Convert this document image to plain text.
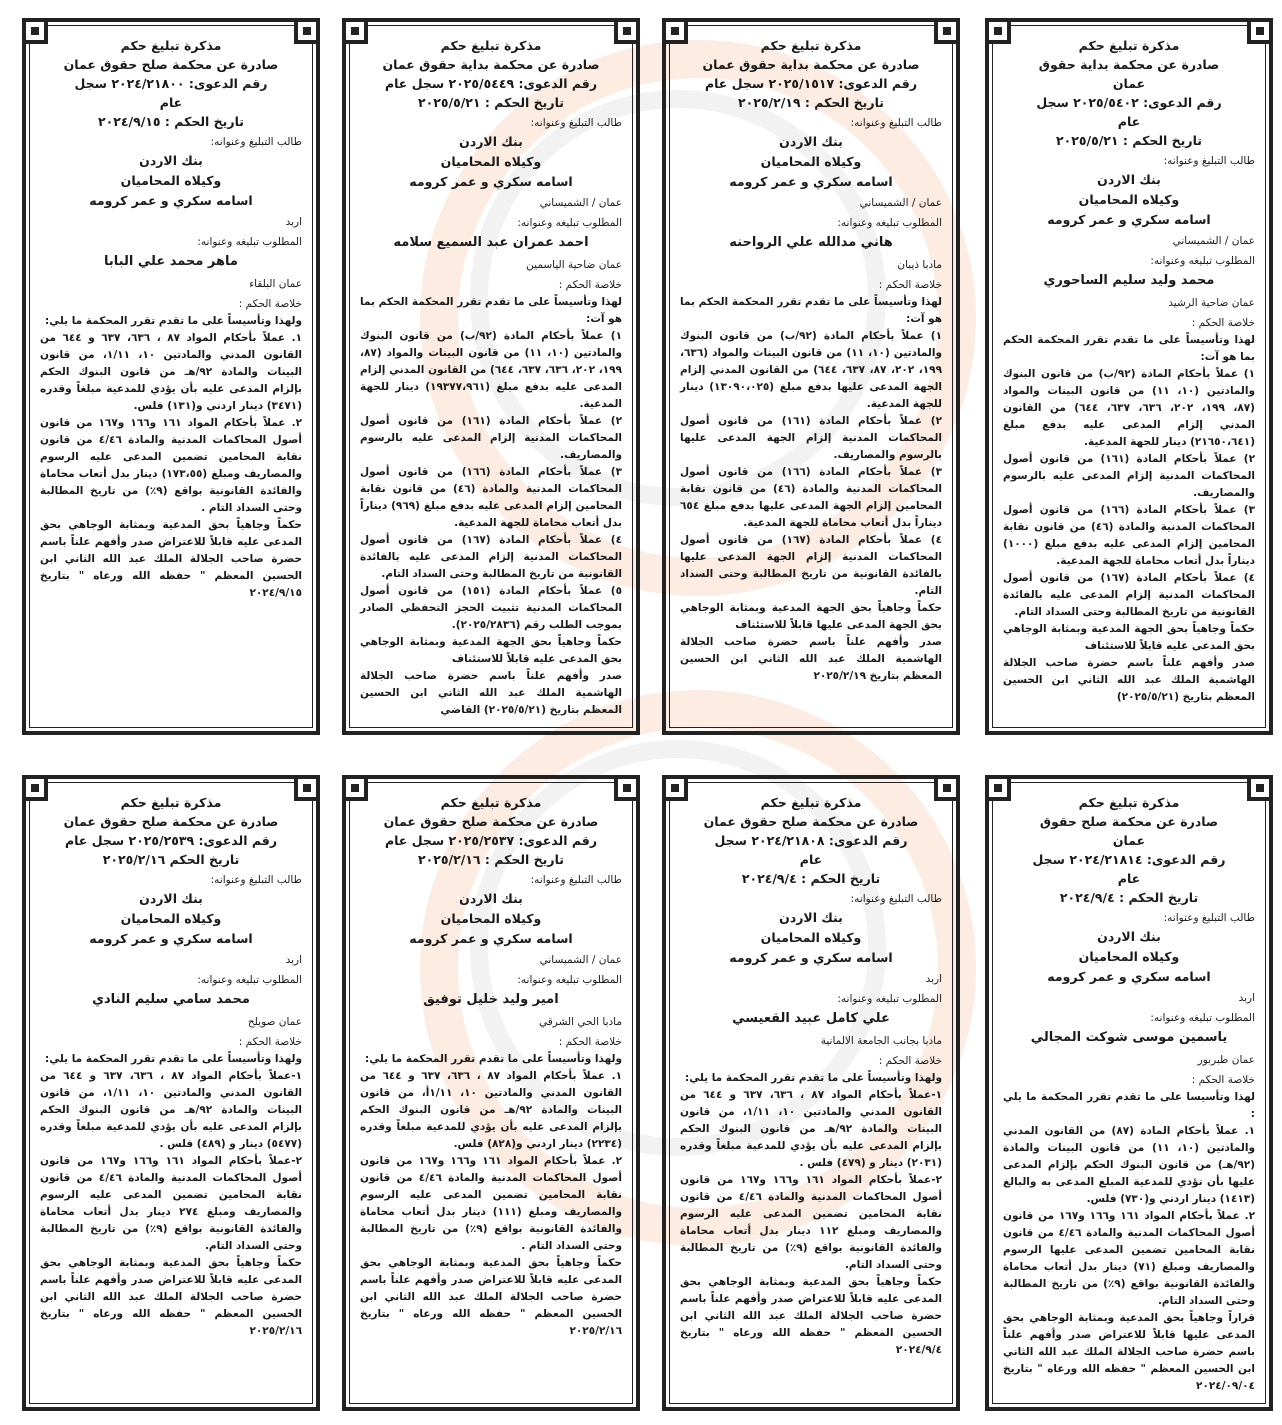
مذكرة تبليغ حكم
صادرة عن محكمة بداية حقوق عمان
رقم الدعوى: ٢٠٢٥/٥٤٠٢ سجل عام
تاريخ الحكم : ٢٠٢٥/٥/٢١
طالب التبليغ وعنوانه:
بنك الاردن
وكيلاه المحاميان
اسامه سكري و عمر كرومه
عمان / الشميساني
المطلوب تبليغه وعنوانه:
محمد وليد سليم الساحوري
عمان ضاحية الرشيد
خلاصة الحكم :
لهذا وتأسيساً على ما تقدم تقرر المحكمة الحكم بما هو آت:
١) عملاً بأحكام المادة (٩٢/ب) من قانون البنوك والمادتين (١٠، ١١) من قانون البينات والمواد (٨٧، ١٩٩، ٢٠٢، ٦٣٦، ٦٣٧، ٦٤٤) من القانون المدني إلزام المدعى عليه بدفع مبلغ (٢١٦٥٠،٦٤١) دينار للجهة المدعية.
٢) عملاً بأحكام المادة (١٦١) من قانون أصول المحاكمات المدنية إلزام المدعى عليه بالرسوم والمصاريف.
٣) عملاً بأحكام المادة (١٦٦) من قانون أصول المحاكمات المدنية والمادة (٤٦) من قانون نقابة المحامين إلزام المدعى عليه بدفع مبلغ (١٠٠٠) ديناراً بدل أتعاب محاماة للجهة المدعية.
٤) عملاً بأحكام المادة (١٦٧) من قانون أصول المحاكمات المدنية إلزام المدعى عليه بالفائدة القانونية من تاريخ المطالبة وحتى السداد التام.
حكماً وجاهياً بحق الجهة المدعية وبمثابة الوجاهي بحق المدعى عليه قابلاً للاستئناف
صدر وأفهم علناً باسم حضرة صاحب الجلالة الهاشمية الملك عبد الله الثاني ابن الحسين المعظم بتاريخ (٢٠٢٥/٥/٢١)
مذكرة تبليغ حكم
صادرة عن محكمة بداية حقوق عمان
رقم الدعوى: ٢٠٢٥/١٥١٧ سجل عام
تاريخ الحكم : ٢٠٢٥/٢/١٩
طالب التبليغ وعنوانه:
بنك الاردن
وكيلاه المحاميان
اسامه سكري و عمر كرومه
عمان / الشميساني
المطلوب تبليغه وعنوانه:
هاني مدالله علي الرواحنه
مادبا ذيبان
خلاصة الحكم :
لهذا وتأسيساً على ما تقدم تقرر المحكمة الحكم بما هو آت:
١) عملاً بأحكام المادة (٩٢/ب) من قانون البنوك والمادتين (١٠، ١١) من قانون البينات والمواد (٦٣٦، ١٩٩، ٢٠٢، ٨٧، ٦٣٧، ٦٤٤) من القانون المدني إلزام الجهة المدعى عليها بدفع مبلغ (١٣٠٩٠،٠٢٥) دينار للجهة المدعية.
٢) عملاً بأحكام المادة (١٦١) من قانون أصول المحاكمات المدنية إلزام الجهة المدعى عليها بالرسوم والمصاريف.
٣) عملاً بأحكام المادة (١٦٦) من قانون أصول المحاكمات المدنية والمادة (٤٦) من قانون نقابة المحامين إلزام الجهة المدعى عليها بدفع مبلغ ٦٥٤ ديناراً بدل أتعاب محاماة للجهة المدعية.
٤) عملاً بأحكام المادة (١٦٧) من قانون أصول المحاكمات المدنية إلزام الجهة المدعى عليها بالفائدة القانونية من تاريخ المطالبة وحتى السداد التام.
حكماً وجاهياً بحق الجهة المدعية وبمثابة الوجاهي بحق الجهة المدعى عليها قابلاً للاستئناف
صدر وأفهم علناً باسم حضرة صاحب الجلالة الهاشمية الملك عبد الله الثاني ابن الحسين المعظم بتاريخ ٢٠٢٥/٢/١٩
مذكرة تبليغ حكم
صادرة عن محكمة بداية حقوق عمان
رقم الدعوى: ٢٠٢٥/٥٤٤٩ سجل عام
تاريخ الحكم : ٢٠٢٥/٥/٢١
طالب التبليغ وعنوانه:
بنك الاردن
وكيلاه المحاميان
اسامه سكري و عمر كرومه
عمان / الشميساني
المطلوب تبليغه وعنوانه:
احمد عمران عبد السميع سلامه
عمان ضاحية الياسمين
خلاصة الحكم :
لهذا وتأسيساً على ما تقدم تقرر المحكمة الحكم بما هو آت:
١) عملاً بأحكام المادة (٩٢/ب) من قانون البنوك والمادتين (١٠، ١١) من قانون البينات والمواد (٨٧، ١٩٩، ٢٠٢، ٦٣٦، ٦٣٧، ٦٤٤) من القانون المدني إلزام المدعى عليه بدفع مبلغ (١٩٣٧٧،٩٦١) دينار للجهة المدعية.
٢) عملاً بأحكام المادة (١٦١) من قانون أصول المحاكمات المدنية إلزام المدعى عليه بالرسوم والمصاريف.
٣) عملاً بأحكام المادة (١٦٦) من قانون أصول المحاكمات المدنية والمادة (٤٦) من قانون نقابة المحامين إلزام المدعى عليه بدفع مبلغ (٩٦٩) ديناراً بدل أتعاب محاماة للجهة المدعية.
٤) عملاً بأحكام المادة (١٦٧) من قانون أصول المحاكمات المدنية إلزام المدعى عليه بالفائدة القانونية من تاريخ المطالبة وحتى السداد التام.
٥) عملاً بأحكام المادة (١٥١) من قانون أصول المحاكمات المدنية تثبيت الحجز التحفظي الصادر بموجب الطلب رقم (٢٠٢٥/٢٨٣٦).
حكماً وجاهياً بحق الجهة المدعية وبمثابة الوجاهي بحق المدعى عليه قابلاً للاستئناف
صدر وأفهم علناً باسم حضرة صاحب الجلالة الهاشمية الملك عبد الله الثاني ابن الحسين المعظم بتاريخ (٢٠٢٥/٥/٢١) القاضي
مذكرة تبليغ حكم
صادرة عن محكمة صلح حقوق عمان
رقم الدعوى: ٢٠٢٤/٢١٨٠٠ سجل عام
تاريخ الحكم : ٢٠٢٤/٩/١٥
طالب التبليغ وعنوانه:
بنك الاردن
وكيلاه المحاميان
اسامه سكري و عمر كرومه
اربد
المطلوب تبليغه وعنوانه:
ماهر محمد علي البابا
عمان البلقاء
خلاصة الحكم :
ولهذا وتأسيساً على ما تقدم تقرر المحكمة ما يلي:
١. عملاً بأحكام المواد ٨٧ ، ٦٣٦، ٦٣٧ و ٦٤٤ من القانون المدني والمادتين ١٠، ١/١١، من قانون البينات والمادة ٩٢/هـ من قانون البنوك الحكم بإلزام المدعى عليه بأن يؤدي للمدعية مبلغاً وقدره (٣٤٧١) دينار اردني و(١٣١) فلس.
٢. عملاً بأحكام المواد ١٦١ و١٦٦ و١٦٧ من قانون أصول المحاكمات المدنية والمادة ٤/٤٦ من قانون نقابة المحامين تضمين المدعى عليه الرسوم والمصاريف ومبلغ (١٧٣،٥٥) دينار بدل أتعاب محاماة والفائدة القانونية بواقع (٩٪) من تاريخ المطالبة وحتى السداد التام .
حكماً وجاهياً بحق المدعية وبمثابة الوجاهي بحق المدعى عليه قابلاً للاعتراض صدر وأفهم علناً باسم حضرة صاحب الجلالة الملك عبد الله الثاني ابن الحسين المعظم " حفظه الله ورعاه " بتاريخ ٢٠٢٤/٩/١٥
مذكرة تبليغ حكم
صادرة عن محكمة صلح حقوق عمان
رقم الدعوى: ٢٠٢٤/٢١٨١٤ سجل عام
تاريخ الحكم : ٢٠٢٤/٩/٤
طالب التبليغ وعنوانه:
بنك الاردن
وكيلاه المحاميان
اسامه سكري و عمر كرومه
اربد
المطلوب تبليغه وعنوانه:
ياسمين موسى شوكت المجالي
عمان طبربور
خلاصة الحكم :
لهذا وتأسيسا على ما تقدم تقرر المحكمة ما يلي :
١. عملاً بأحكام المادة (٨٧) من القانون المدني والمادتين (١٠، ١١) من قانون البينات والمادة (٩٢/هـ) من قانون البنوك الحكم بإلزام المدعى عليها بأن تؤدي للمدعية المبلغ المدعى به والبالغ (١٤١٣) دينار اردني و(٧٣٠) فلس.
٢. عملاً بأحكام المواد ١٦١ و١٦٦ و١٦٧ من قانون أصول المحاكمات المدنية والمادة ٤/٤٦ من قانون نقابة المحامين تضمين المدعى عليها الرسوم والمصاريف ومبلغ (٧١) دينار بدل أتعاب محاماة والفائدة القانونية بواقع (٩٪) من تاريخ المطالبة وحتى السداد التام.
قراراً وجاهياً بحق المدعية وبمثابة الوجاهي بحق المدعى عليها قابلاً للاعتراض صدر وأفهم علناً باسم حضرة صاحب الجلالة الملك عبد الله الثاني ابن الحسين المعظم " حفظه الله ورعاه " بتاريخ ٢٠٢٤/٠٩/٠٤
مذكرة تبليغ حكم
صادرة عن محكمة صلح حقوق عمان
رقم الدعوى: ٢٠٢٤/٢١٨٠٨ سجل عام
تاريخ الحكم : ٢٠٢٤/٩/٤
طالب التبليغ وعنوانه:
بنك الاردن
وكيلاه المحاميان
اسامه سكري و عمر كرومه
اربد
المطلوب تبليغه وعنوانه:
علي كامل عبيد القعيسي
مادبا بجانب الجامعة الالمانية
خلاصة الحكم :
ولهذا وتأسيساً على ما تقدم تقرر المحكمة ما يلي:
١-عملاً بأحكام المواد ٨٧ ، ٦٣٦، ٦٣٧ و ٦٤٤ من القانون المدني والمادتين ١٠، ١/١١، من قانون البينات والمادة ٩٢/هـ من قانون البنوك الحكم بإلزام المدعى عليه بأن يؤدي للمدعية مبلغاً وقدره (٢٠٣١) دينار و (٤٧٩) فلس .
٢-عملاً بأحكام المواد ١٦١ و١٦٦ و١٦٧ من قانون أصول المحاكمات المدنية والمادة ٤/٤٦ من قانون نقابة المحامين تضمين المدعى عليه الرسوم والمصاريف ومبلغ ١١٢ دينار بدل أتعاب محاماة والفائدة القانونية بواقع (٩٪) من تاريخ المطالبة وحتى السداد التام.
حكماً وجاهياً بحق المدعية وبمثابة الوجاهي بحق المدعى عليه قابلاً للاعتراض صدر وأفهم علناً باسم حضرة صاحب الجلالة الملك عبد الله الثاني ابن الحسين المعظم " حفظه الله ورعاه " بتاريخ ٢٠٢٤/٩/٤
مذكرة تبليغ حكم
صادرة عن محكمة صلح حقوق عمان
رقم الدعوى: ٢٠٢٥/٢٥٣٧ سجل عام
تاريخ الحكم : ٢٠٢٥/٢/١٦
طالب التبليغ وعنوانه:
بنك الاردن
وكيلاه المحاميان
اسامه سكري و عمر كرومه
عمان / الشميساني
المطلوب تبليغه وعنوانه:
امير وليد خليل توفيق
مادبا الحي الشرقي
خلاصة الحكم :
ولهذا وتأسيساً على ما تقدم تقرر المحكمة ما يلي:
١. عملاً بأحكام المواد ٨٧ ، ٦٣٦، ٦٣٧ و ٦٤٤ من القانون المدني والمادتين ١٠، ١/١١أ، من قانون البينات والمادة ٩٢/هـ من قانون البنوك الحكم بإلزام المدعى عليه بأن يؤدي للمدعية مبلغاً وقدره (٢٢٣٤) دينار اردني و(٨٢٨) فلس.
٢. عملاً بأحكام المواد ١٦١ و١٦٦ و١٦٧ من قانون أصول المحاكمات المدنية والمادة ٤/٤٦ من قانون نقابة المحامين تضمين المدعى عليه الرسوم والمصاريف ومبلغ (١١١) دينار بدل أتعاب محاماة والفائدة القانونية بواقع (٩٪) من تاريخ المطالبة وحتى السداد التام .
حكماً وجاهياً بحق المدعية وبمثابة الوجاهي بحق المدعى عليه قابلاً للاعتراض صدر وأفهم علناً باسم حضرة صاحب الجلالة الملك عبد الله الثاني ابن الحسين المعظم " حفظه الله ورعاه " بتاريخ ٢٠٢٥/٢/١٦
مذكرة تبليغ حكم
صادرة عن محكمة صلح حقوق عمان
رقم الدعوى: ٢٠٢٥/٢٥٣٩ سجل عام
تاريخ الحكم ٢٠٢٥/٢/١٦
طالب التبليغ وعنوانه:
بنك الاردن
وكيلاه المحاميان
اسامه سكري و عمر كرومه
اربد
المطلوب تبليغه وعنوانه:
محمد سامي سليم النادي
عمان صويلح
خلاصة الحكم :
ولهذا وتأسيساً على ما تقدم تقرر المحكمة ما يلي:
١-عملاً بأحكام المواد ٨٧ ، ٦٣٦، ٦٣٧ و ٦٤٤ من القانون المدني والمادتين ١٠، ١/١١، من قانون البينات والمادة ٩٢/هـ من قانون البنوك الحكم بإلزام المدعى عليه بأن يؤدي للمدعية مبلغاً وقدره (٥٤٧٧) دينار و (٤٨٩) فلس .
٢-عملاً بأحكام المواد ١٦١ و١٦٦ و١٦٧ من قانون أصول المحاكمات المدنية والمادة ٤/٤٦ من قانون نقابة المحامين تضمين المدعى عليه الرسوم والمصاريف ومبلغ ٢٧٤ دينار بدل أتعاب محاماة والفائدة القانونية بواقع (٩٪) من تاريخ المطالبة وحتى السداد التام.
حكماً وجاهياً بحق المدعية وبمثابة الوجاهي بحق المدعى عليه قابلاً للاعتراض صدر وأفهم علناً باسم حضرة صاحب الجلالة الملك عبد الله الثاني ابن الحسين المعظم " حفظه الله ورعاه " بتاريخ ٢٠٢٥/٢/١٦
